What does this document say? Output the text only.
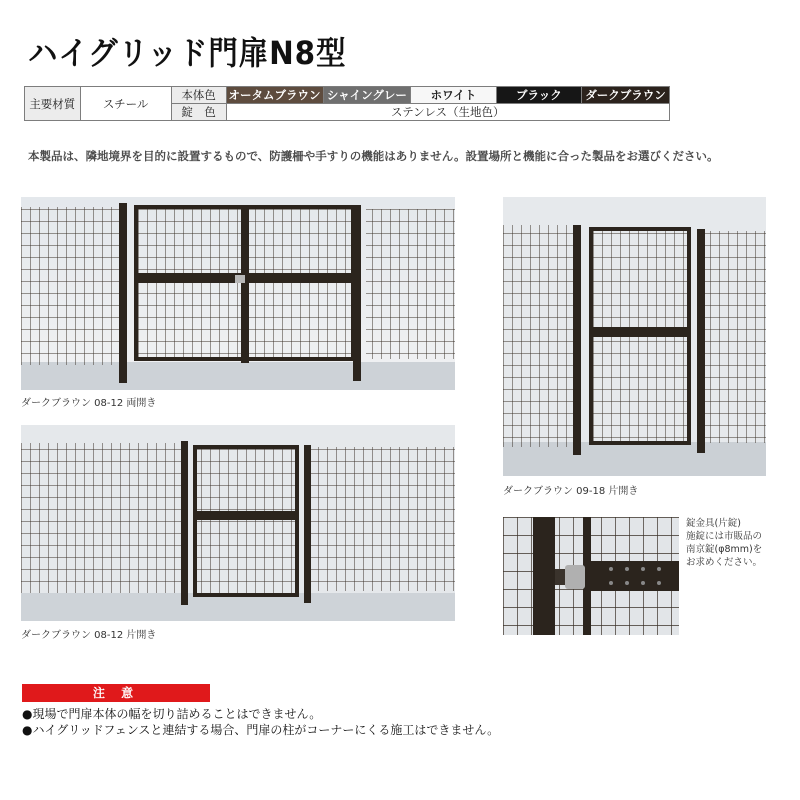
ハイグリッド門扉N8型
主要材質	スチール	本体色	オータムブラウン	シャイングレー	ホワイト	ブラック	ダークブラウン
		錠　色	ステンレス（生地色）				
本製品は、隣地境界を目的に設置するもので、防護柵や手すりの機能はありません。設置場所と機能に合った製品をお選びください。
ダークブラウン 08-12 両開き
ダークブラウン 09-18 片開き
ダークブラウン 08-12 片開き
錠金具(片錠)
施錠には市販品の
南京錠(φ8mm)を
お求めください。
注 意
●現場で門扉本体の幅を切り詰めることはできません。
●ハイグリッドフェンスと連結する場合、門扉の柱がコーナーにくる施工はできません。
